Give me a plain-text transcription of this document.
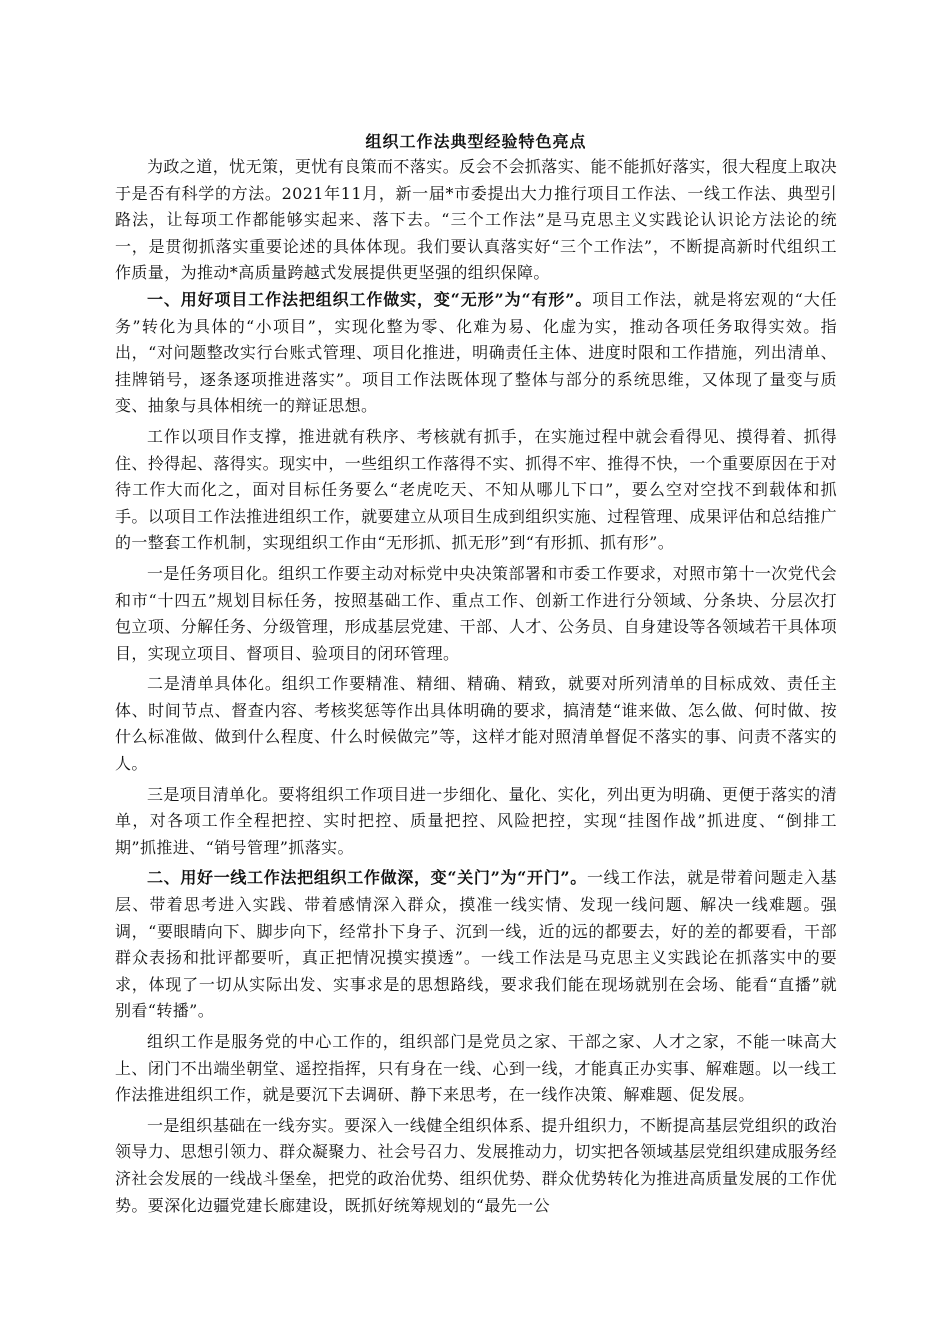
组织工作法典型经验特色亮点

为政之道，忧无策，更忧有良策而不落实。反会不会抓落实、能不能抓好落实，很大程度上取决于是否有科学的方法。2021年11月，新一届*市委提出大力推行项目工作法、一线工作法、典型引路法，让每项工作都能够实起来、落下去。“三个工作法”是马克思主义实践论认识论方法论的统一，是贯彻抓落实重要论述的具体体现。我们要认真落实好“三个工作法”，不断提高新时代组织工作质量，为推动*高质量跨越式发展提供更坚强的组织保障。

一、用好项目工作法把组织工作做实，变“无形”为“有形”。项目工作法，就是将宏观的“大任务”转化为具体的“小项目”，实现化整为零、化难为易、化虚为实，推动各项任务取得实效。指出，“对问题整改实行台账式管理、项目化推进，明确责任主体、进度时限和工作措施，列出清单、挂牌销号，逐条逐项推进落实”。项目工作法既体现了整体与部分的系统思维，又体现了量变与质变、抽象与具体相统一的辩证思想。

工作以项目作支撑，推进就有秩序、考核就有抓手，在实施过程中就会看得见、摸得着、抓得住、拎得起、落得实。现实中，一些组织工作落得不实、抓得不牢、推得不快，一个重要原因在于对待工作大而化之，面对目标任务要么“老虎吃天、不知从哪儿下口”，要么空对空找不到载体和抓手。以项目工作法推进组织工作，就要建立从项目生成到组织实施、过程管理、成果评估和总结推广的一整套工作机制，实现组织工作由“无形抓、抓无形”到“有形抓、抓有形”。

一是任务项目化。组织工作要主动对标党中央决策部署和市委工作要求，对照市第十一次党代会和市“十四五”规划目标任务，按照基础工作、重点工作、创新工作进行分领域、分条块、分层次打包立项、分解任务、分级管理，形成基层党建、干部、人才、公务员、自身建设等各领域若干具体项目，实现立项目、督项目、验项目的闭环管理。

二是清单具体化。组织工作要精准、精细、精确、精致，就要对所列清单的目标成效、责任主体、时间节点、督查内容、考核奖惩等作出具体明确的要求，搞清楚“谁来做、怎么做、何时做、按什么标准做、做到什么程度、什么时候做完”等，这样才能对照清单督促不落实的事、问责不落实的人。

三是项目清单化。要将组织工作项目进一步细化、量化、实化，列出更为明确、更便于落实的清单，对各项工作全程把控、实时把控、质量把控、风险把控，实现“挂图作战”抓进度、“倒排工期”抓推进、“销号管理”抓落实。

二、用好一线工作法把组织工作做深，变“关门”为“开门”。一线工作法，就是带着问题走入基层、带着思考进入实践、带着感情深入群众，摸准一线实情、发现一线问题、解决一线难题。强调，“要眼睛向下、脚步向下，经常扑下身子、沉到一线，近的远的都要去，好的差的都要看，干部群众表扬和批评都要听，真正把情况摸实摸透”。一线工作法是马克思主义实践论在抓落实中的要求，体现了一切从实际出发、实事求是的思想路线，要求我们能在现场就别在会场、能看“直播”就别看“转播”。

组织工作是服务党的中心工作的，组织部门是党员之家、干部之家、人才之家，不能一味高大上、闭门不出端坐朝堂、遥控指挥，只有身在一线、心到一线，才能真正办实事、解难题。以一线工作法推进组织工作，就是要沉下去调研、静下来思考，在一线作决策、解难题、促发展。

一是组织基础在一线夯实。要深入一线健全组织体系、提升组织力，不断提高基层党组织的政治领导力、思想引领力、群众凝聚力、社会号召力、发展推动力，切实把各领域基层党组织建成服务经济社会发展的一线战斗堡垒，把党的政治优势、组织优势、群众优势转化为推进高质量发展的工作优势。要深化边疆党建长廊建设，既抓好统筹规划的“最先一公
